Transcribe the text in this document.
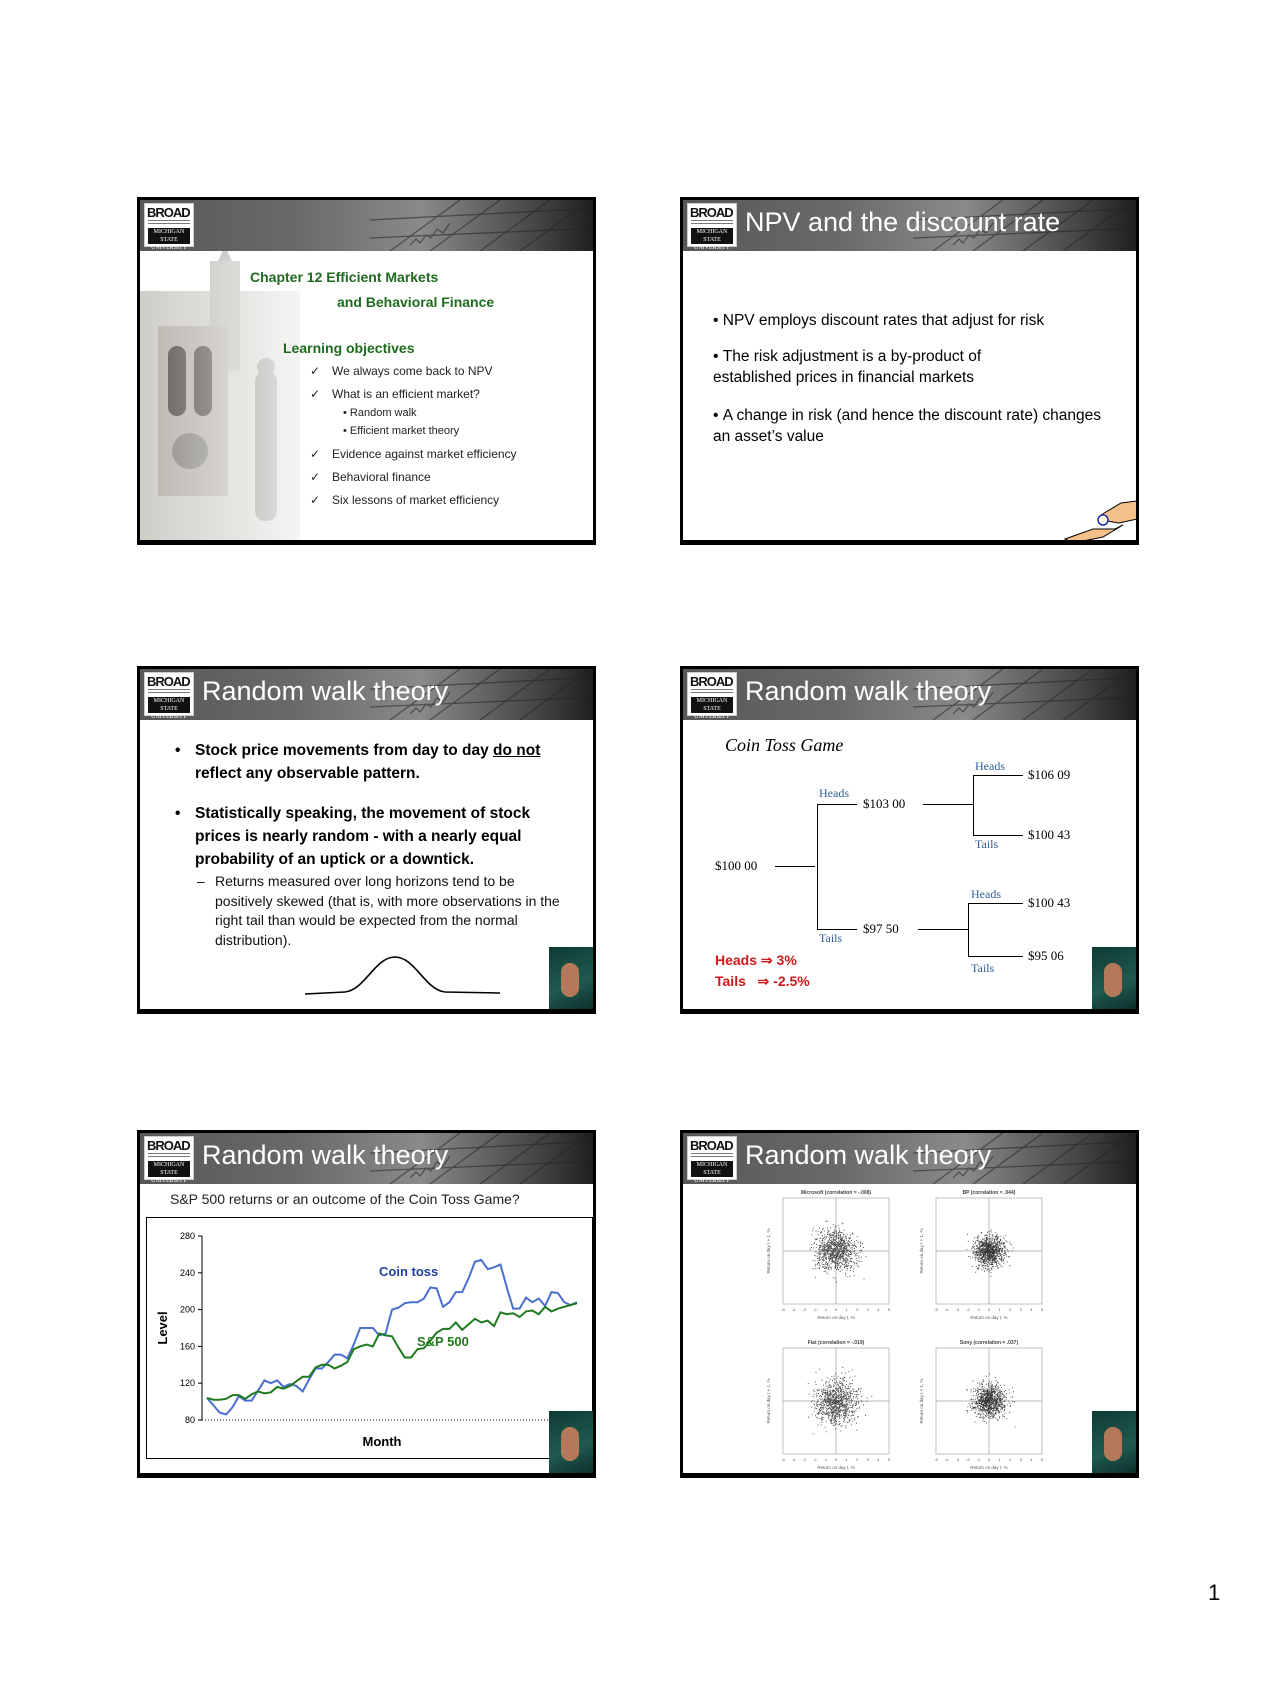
BROAD
MICHIGAN STATE UNIVERSITY
Chapter 12 Efficient Markets
and Behavioral Finance
Learning objectives
✓ We always come back to NPV
✓ What is an efficient market?
• Random walk
• Efficient market theory
✓ Evidence against market efficiency
✓ Behavioral finance
✓ Six lessons of market efficiency
BROAD
MICHIGAN STATE UNIVERSITY
NPV and the discount rate
• NPV employs discount rates that adjust for risk
• The risk adjustment is a by-product of established prices in financial markets
• A change in risk (and hence the discount rate) changes an asset’s value
BROAD
MICHIGAN STATE UNIVERSITY
Random walk theory
• Stock price movements from day to day do not reflect any observable pattern.
• Statistically speaking, the movement of stock prices is nearly random - with a nearly equal probability of an uptick or a downtick.
– Returns measured over long horizons tend to be positively skewed (that is, with more observations in the right tail than would be expected from the normal distribution).
BROAD
MICHIGAN STATE UNIVERSITY
Random walk theory
Coin Toss Game
$100 00
Heads
$103 00
Tails
$97 50
Heads
$106 09
Tails
$100 43
Heads
$100 43
Tails
$95 06
Heads ⇒ 3%
Tails   ⇒ -2.5%
BROAD
MICHIGAN STATE UNIVERSITY
Random walk theory
S&P 500 returns or an outcome of the Coin Toss Game?
280
240
200
160
120
80
Level
Month
Coin toss
S&P 500
BROAD
MICHIGAN STATE UNIVERSITY
Random walk theory
Microsoft (correlation = -.008)
-5 -4 -3 -2 -1 0 1 2 3 4 5
Return on day t, %
Return on day t + 1, %
BP (correlation = .044)
-5 -4 -3 -2 -1 0 1 2 3 4 5
Return on day t, %
Return on day t + 1, %
Fiat (correlation = -.019)
-5 -4 -3 -2 -1 0 1 2 3 4 5
Return on day t, %
Return on day t + 1, %
Sony (correlation = .037)
-5 -4 -3 -2 -1 0 1 2 3 4 5
Return on day t, %
Return on day t + 1, %
1
